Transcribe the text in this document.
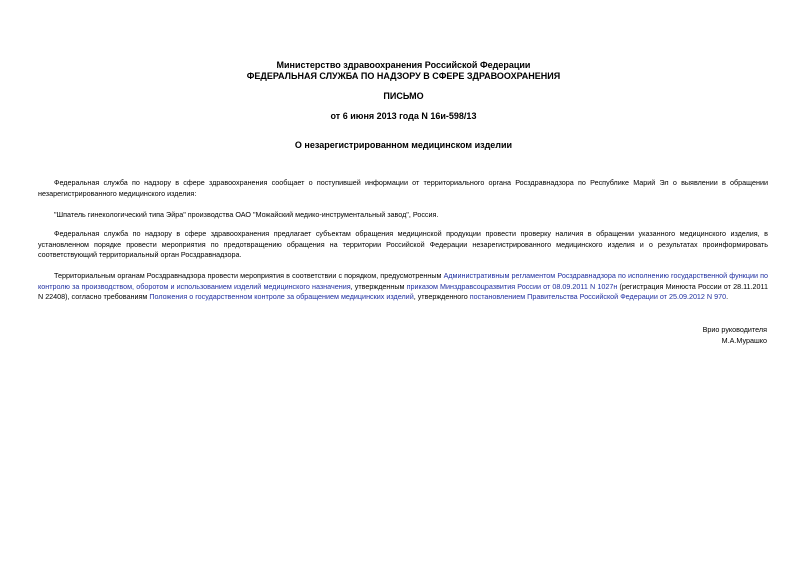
Министерство здравоохранения Российской Федерации
ФЕДЕРАЛЬНАЯ СЛУЖБА ПО НАДЗОРУ В СФЕРЕ ЗДРАВООХРАНЕНИЯ
ПИСЬМО
от 6 июня 2013 года N 16и-598/13
О незарегистрированном медицинском изделии

Федеральная служба по надзору в сфере здравоохранения сообщает о поступившей информации от территориального органа Росздравнадзора по Республике Марий Эл о выявлении в обращении незарегистрированного медицинского изделия:

"Шпатель гинекологический типа Эйра" производства ОАО "Можайский медико-инструментальный завод", Россия.

Федеральная служба по надзору в сфере здравоохранения предлагает субъектам обращения медицинской продукции провести проверку наличия в обращении указанного медицинского изделия, в установленном порядке провести мероприятия по предотвращению обращения на территории Российской Федерации незарегистрированного медицинского изделия и о результатах проинформировать соответствующий территориальный орган Росздравнадзора.

Территориальным органам Росздравнадзора провести мероприятия в соответствии с порядком, предусмотренным Административным регламентом Росздравнадзора по исполнению государственной функции по контролю за производством, оборотом и использованием изделий медицинского назначения, утвержденным приказом Минздравсоцразвития России от 08.09.2011 N 1027н (регистрация Минюста России от 28.11.2011 N 22408), согласно требованиям Положения о государственном контроле за обращением медицинских изделий, утвержденного постановлением Правительства Российской Федерации от 25.09.2012 N 970.

Врио руководителя
М.А.Мурашко
